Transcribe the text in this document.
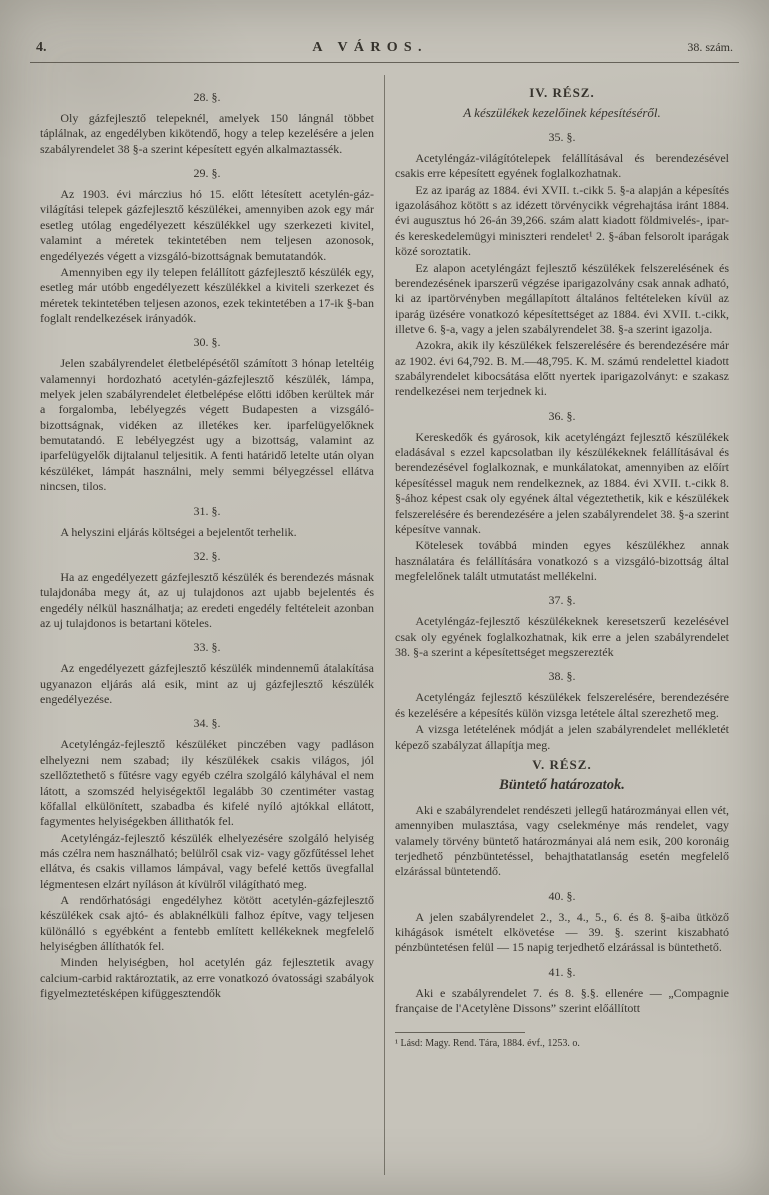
4.	A VÁROS.	38. szám.
28. §.
Oly gázfejlesztő telepeknél, amelyek 150 lángnál többet táplálnak, az engedélyben kikötendő, hogy a telep kezelésére a jelen szabályrendelet 38 §-a szerint képesített egyén alkalmaztassék.
29. §.
Az 1903. évi márczius hó 15. előtt létesített acetylén-gáz-világítási telepek gázfejlesztő készülékei, amennyiben azok egy már esetleg utólag engedélyezett készülékkel ugy szerkezeti kivitel, valamint a méretek tekintetében nem teljesen azonosok, engedélyezés végett a vizsgáló-bizottságnak bemutatandók.
Amennyiben egy ily telepen felállított gázfejlesztő készülék egy, esetleg már utóbb engedélyezett készülékkel a kiviteli szerkezet és méretek tekintetében teljesen azonos, ezek tekintetében a 17-ik §-ban foglalt rendelkezések irányadók.
30. §.
Jelen szabályrendelet életbelépésétől számított 3 hónap leteltéig valamennyi hordozható acetylén-gázfejlesztő készülék, lámpa, melyek jelen szabályrendelet életbelépése előtti időben kerültek már a forgalomba, lebélyegzés végett Budapesten a vizsgáló-bizottságnak, vidéken az illetékes ker. iparfelügyelőknek bemutatandó. E lebélyegzést ugy a bizottság, valamint az iparfelügyelők dijtalanul teljesitik. A fenti határidő letelte után olyan készüléket, lámpát használni, mely semmi bélyegzéssel ellátva nincsen, tilos.
31. §.
A helyszini eljárás költségei a bejelentőt terhelik.
32. §.
Ha az engedélyezett gázfejlesztő készülék és berendezés másnak tulajdonába megy át, az uj tulajdonos azt ujabb bejelentés és engedély nélkül használhatja; az eredeti engedély feltételeit azonban az uj tulajdonos is betartani köteles.
33. §.
Az engedélyezett gázfejlesztő készülék mindennemű átalakítása ugyanazon eljárás alá esik, mint az uj gázfejlesztő készülék engedélyezése.
34. §.
Acetyléngáz-fejlesztő készüléket pinczében vagy padláson elhelyezni nem szabad; ily készülékek csakis világos, jól szellőztethető s fűtésre vagy egyéb czélra szolgáló kályhával el nem látott, a szomszéd helyiségektől legalább 30 czentiméter vastag kőfallal elkülönített, szabadba és kifelé nyíló ajtókkal ellátott, fagymentes helyiségekben állithatók fel.
Acetyléngáz-fejlesztő készülék elhelyezésére szolgáló helyiség más czélra nem használható; belülről csak viz- vagy gőzfűtéssel lehet ellátva, és csakis villamos lámpával, vagy befelé kettős üvegfallal légmentesen elzárt nyíláson át kívülről világítható meg.
A rendőrhatósági engedélyhez kötött acetylén-gázfejlesztő készülékek csak ajtó- és ablaknélküli falhoz építve, vagy teljesen különálló s egyébként a fentebb említett kellékeknek megfelelő helyiségben állíthatók fel.
Minden helyiségben, hol acetylén gáz fejlesztetik avagy calcium-carbid raktároztatik, az erre vonatkozó óvatossági szabályok figyelmeztetésképen kifüggesztendők
IV. RÉSZ.
A készülékek kezelőinek képesítéséről.
35. §.
Acetyléngáz-világítótelepek felállításával és berendezésével csakis erre képesített egyének foglalkozhatnak.
Ez az iparág az 1884. évi XVII. t.-cikk 5. §-a alapján a képesítés igazolásához kötött s az idézett törvénycikk végrehajtása iránt 1884. évi augusztus hó 26-án 39,266. szám alatt kiadott földmivelés-, ipar- és kereskedelemügyi miniszteri rendelet¹ 2. §-ában felsorolt iparágak közé soroztatik.
Ez alapon acetyléngázt fejlesztő készülékek felszerelésének és berendezésének iparszerű végzése iparigazolvány csak annak adható, ki az ipartörvényben megállapított általános feltételeken kívül az iparág üzésére vonatkozó képesítettséget az 1884. évi XVII. t.-cikk, illetve 6. §-a, vagy a jelen szabályrendelet 38. §-a szerint igazolja.
Azokra, akik ily készülékek felszerelésére és berendezésére már az 1902. évi 64,792. B. M.—48,795. K. M. számú rendelettel kiadott szabályrendelet kibocsátása előtt nyertek iparigazolványt: e szakasz rendelkezései nem terjednek ki.
36. §.
Kereskedők és gyárosok, kik acetyléngázt fejlesztő készülékek eladásával s ezzel kapcsolatban ily készülékeknek felállításával és berendezésével foglalkoznak, e munkálatokat, amennyiben az előírt képesítéssel maguk nem rendelkeznek, az 1884. évi XVII. t.-cikk 8. §-ához képest csak oly egyének által végeztethetik, kik e készülékek felszerelésére és berendezésére a jelen szabályrendelet 38. §-a szerint képesítve vannak.
Kötelesek továbbá minden egyes készülékhez annak használatára és felállítására vonatkozó s a vizsgáló-bizottság által megfelelőnek talált utmutatást mellékelni.
37. §.
Acetyléngáz-fejlesztő készülékeknek keresetszerű kezelésével csak oly egyének foglalkozhatnak, kik erre a jelen szabályrendelet 38. §-a szerint a képesítettséget megszerezték
38. §.
Acetyléngáz fejlesztő készülékek felszerelésére, berendezésére és kezelésére a képesítés külön vizsga letétele által szerezhető meg.
A vizsga letételének módját a jelen szabályrendelet mellékletét képező szabályzat állapítja meg.
V. RÉSZ.
Büntető határozatok.
Aki e szabályrendelet rendészeti jellegű határozmányai ellen vét, amennyiben mulasztása, vagy cselekménye más rendelet, vagy valamely törvény büntető határozmányai alá nem esik, 200 koronáig terjedhető pénzbüntetéssel, behajthatatlanság esetén megfelelő elzárással büntetendő.
40. §.
A jelen szabályrendelet 2., 3., 4., 5., 6. és 8. §-aiba ütköző kihágások ismételt elkövetése — 39. §. szerint kiszabható pénzbüntetésen felül — 15 napig terjedhető elzárással is büntethető.
41. §.
Aki e szabályrendelet 7. és 8. §.§. ellenére — „Compagnie française de l'Acetylène Dissons” szerint előállított
¹ Lásd: Magy. Rend. Tára, 1884. évf., 1253. o.
